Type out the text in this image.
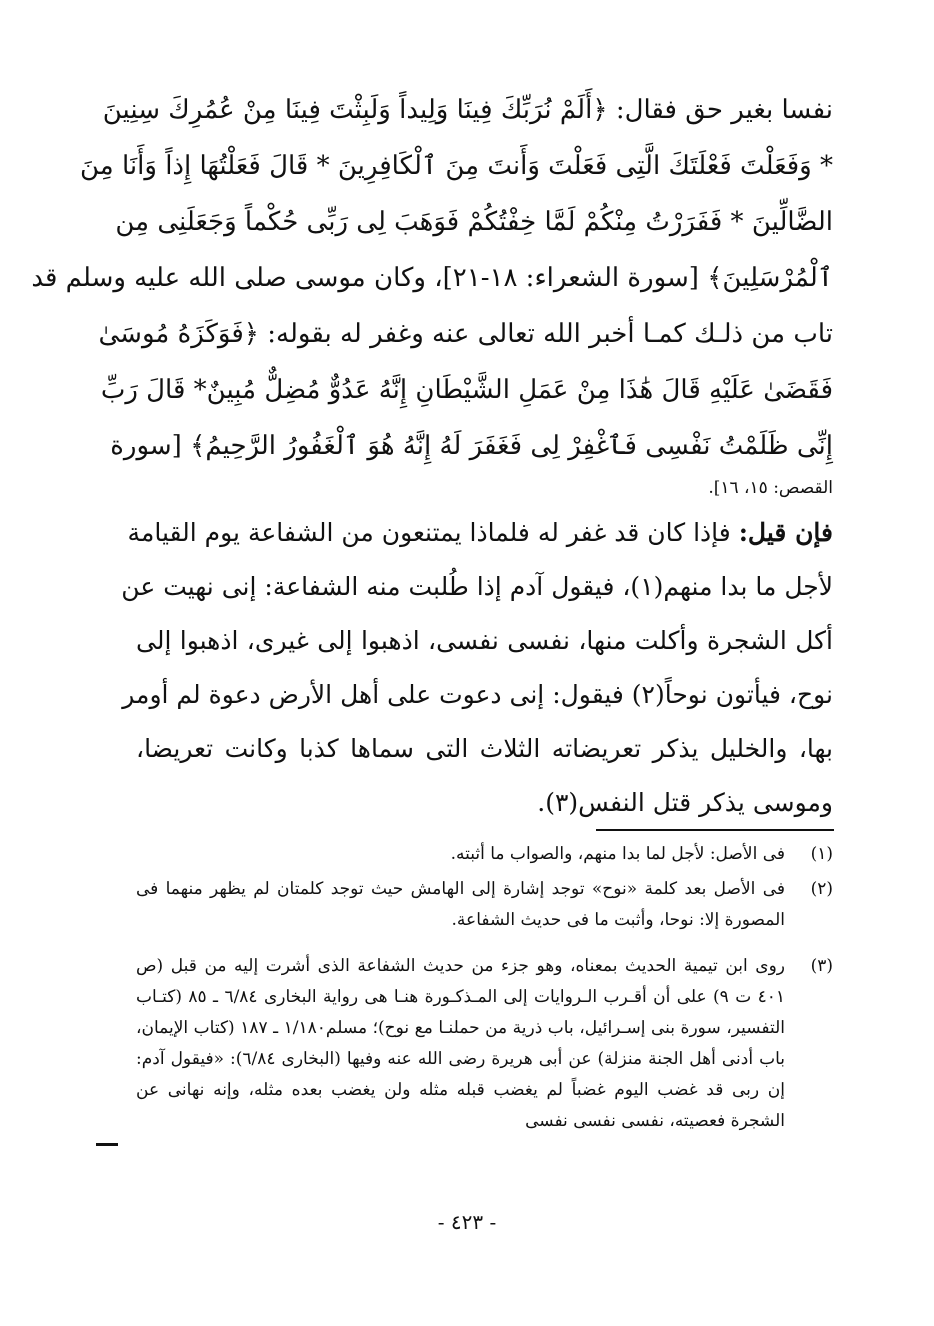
نفسا بغير حق فقال: ﴿أَلَمْ نُرَبِّكَ فِينَا وَلِيداً وَلَبِثْتَ فِينَا مِنْ عُمُرِكَ سِنِينَ
* وَفَعَلْتَ فَعْلَتَكَ الَّتِى فَعَلْتَ وَأَنتَ مِنَ ٱلْكَافِرِينَ * قَالَ فَعَلْتُهَا إِذاً وَأَنَا مِنَ
الضَّالِّينَ * فَفَرَرْتُ مِنْكُمْ لَمَّا خِفْتُكُمْ فَوَهَبَ لِى رَبِّى حُكْماً وَجَعَلَنِى مِن
ٱلْمُرْسَلِينَ﴾ [سورة الشعراء: ١٨-٢١]، وكان موسى صلى الله عليه وسلم قد
تاب من ذلـك كمـا أخبر الله تعالى عنه وغفر له بقوله: ﴿فَوَكَزَهُ مُوسَىٰ
فَقَضَىٰ عَلَيْهِ قَالَ هَٰذَا مِنْ عَمَلِ الشَّيْطَانِ إِنَّهُ عَدُوٌّ مُضِلٌّ مُبِينٌ* قَالَ رَبِّ
إِنِّى ظَلَمْتُ نَفْسِى فَٱغْفِرْ لِى فَغَفَرَ لَهُ إِنَّهُ هُوَ ٱلْغَفُورُ الرَّحِيمُ﴾ [سورة
القصص: ١٥، ١٦].
فإن قيل: فإذا كان قد غفر له فلماذا يمتنعون من الشفاعة يوم القيامة
لأجل ما بدا منهم(١)، فيقول آدم إذا طُلبت منه الشفاعة: إنى نهيت عن
أكل الشجرة وأكلت منها، نفسى نفسى، اذهبوا إلى غيرى، اذهبوا إلى
نوح، فيأتون نوحاً(٢) فيقول: إنى دعوت على أهل الأرض دعوة لم أومر
بها، والخليل يذكر تعريضاته الثلاث التى سماها كذبا وكانت تعريضا،
وموسى يذكر قتل النفس(٣).
(١)
فى الأصل: لأجل لما بدا منهم، والصواب ما أثبته.
(٢)
فى الأصل بعد كلمة «نوح» توجد إشارة إلى الهامش حيث توجد كلمتان لم يظهر منهما فى المصورة إلا: نوحا، وأثبت ما فى حديث الشفاعة.
(٣)
روى ابن تيمية الحديث بمعناه، وهو جزء من حديث الشفاعة الذى أشرت إليه من قبل (ص ٤٠١ ت ٩) على أن أقـرب الـروايات إلى المـذكـورة هنـا هى رواية البخارى ٦/٨٤ ـ ٨٥ (كتـاب التفسير، سورة بنى إسـرائيل، باب ذرية من حملنـا مع نوح)؛ مسلم١/١٨٠ ـ ١٨٧ (كتاب الإيمان، باب أدنى أهل الجنة منزلة) عن أبى هريرة رضى الله عنه وفيها (البخارى ٦/٨٤): «فيقول آدم: إن ربى قد غضب اليوم غضباً لم يغضب قبله مثله ولن يغضب بعده مثله، وإنه نهانى عن الشجرة فعصيته، نفسى نفسى نفسى
- ٤٢٣ -
